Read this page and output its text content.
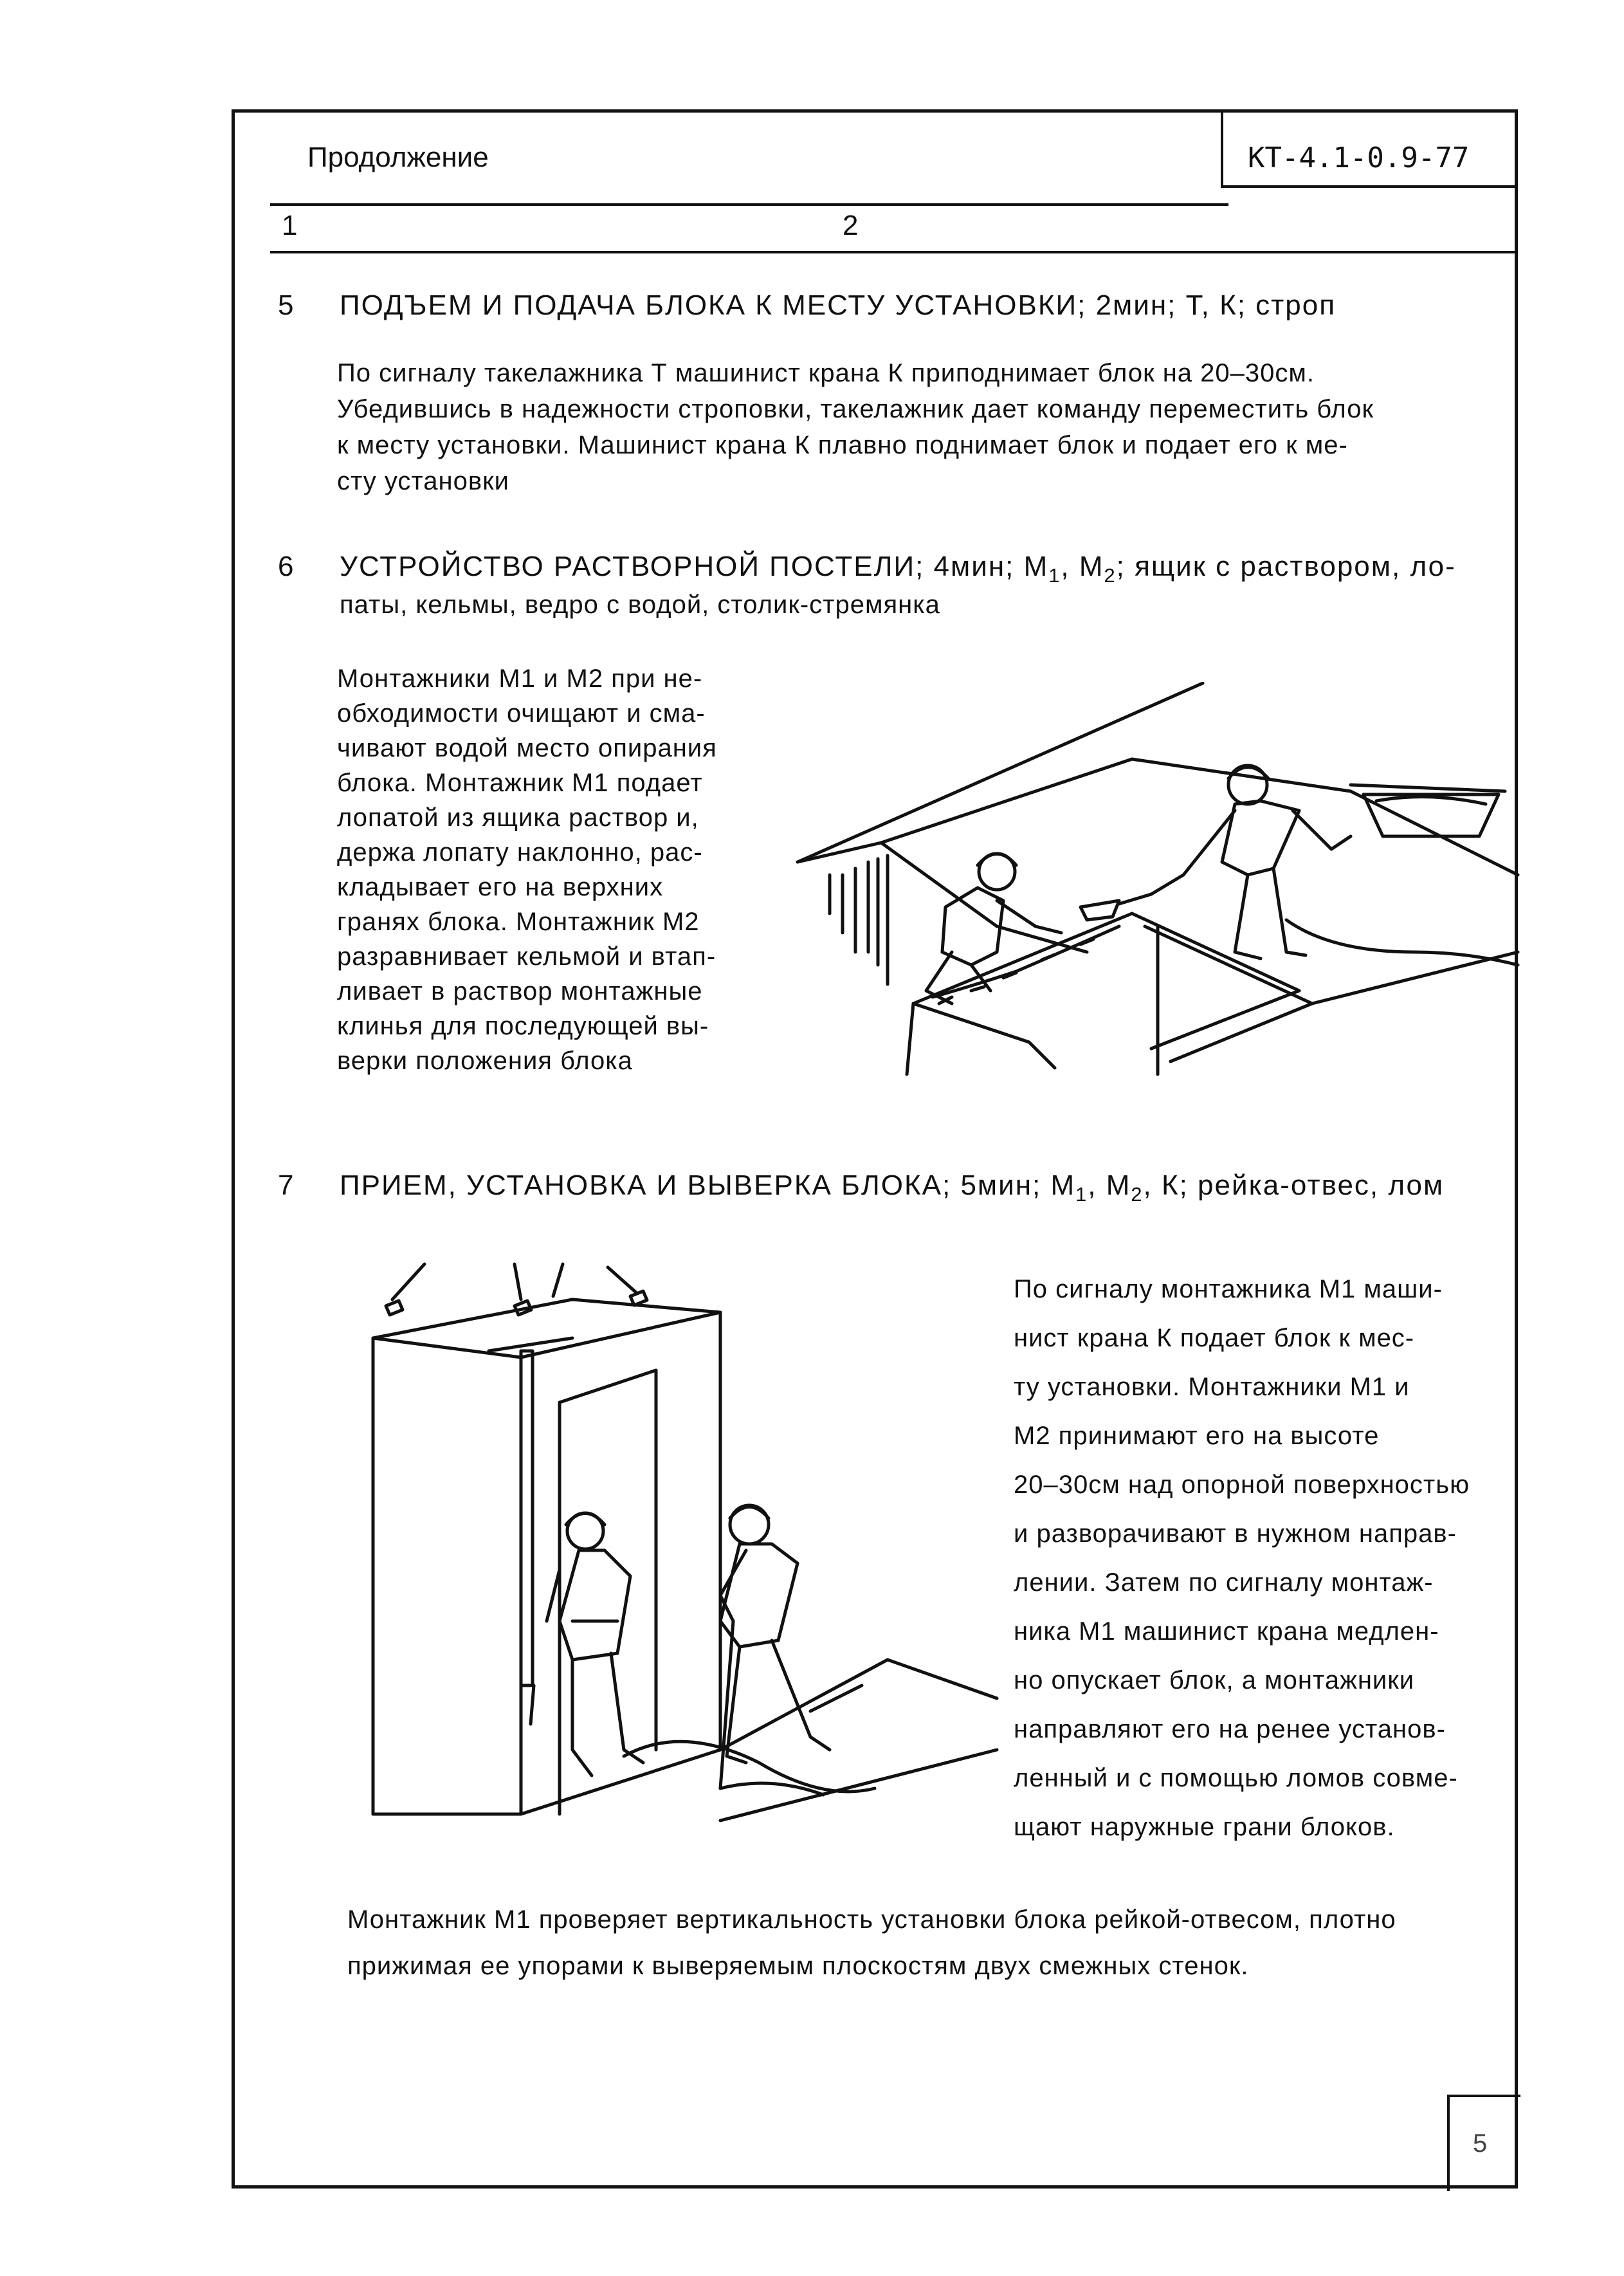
Продолжение	КТ-4.1-0.9-77
1	2
5 ПОДЪЕМ И ПОДАЧА БЛОКА К МЕСТУ УСТАНОВКИ; 2мин; Т, К; строп

По сигналу такелажника Т машинист крана К приподнимает блок на 20–30см.

Убедившись в надежности строповки, такелажник дает команду переместить блок

к месту установки. Машинист крана К плавно поднимает блок и подает его к ме-

сту установки

6 УСТРОЙСТВО РАСТВОРНОЙ ПОСТЕЛИ; 4мин; $М_1$, $М_2$; ящик с раствором, ло-
паты, кельмы, ведро с водой, столик-стремянка

Монтажники М1 и М2 при не-

обходимости очищают и сма-

чивают водой место опирания

блока. Монтажник М1 подает

лопатой из ящика раствор и,

держа лопату наклонно, рас-

кладывает его на верхних

гранях блока. Монтажник М2

разравнивает кельмой и втап-

ливает в раствор монтажные

клинья для последующей вы-

верки положения блока

7 ПРИЕМ, УСТАНОВКА И ВЫВЕРКА БЛОКА; 5мин; $М_1$, $М_2$, К; рейка-отвес, лом

По сигналу монтажника М1 маши-

нист крана К подает блок к мес-

ту установки. Монтажники М1 и

М2 принимают его на высоте

20–30см над опорной поверхностью

и разворачивают в нужном направ-

лении. Затем по сигналу монтаж-

ника М1 машинист крана медлен-

но опускает блок, а монтажники

направляют его на ренее установ-

ленный и с помощью ломов совме-

щают наружные грани блоков.

Монтажник М1 проверяет вертикальность установки блока рейкой-отвесом, плотно

прижимая ее упорами к выверяемым плоскостям двух смежных стенок.

5
